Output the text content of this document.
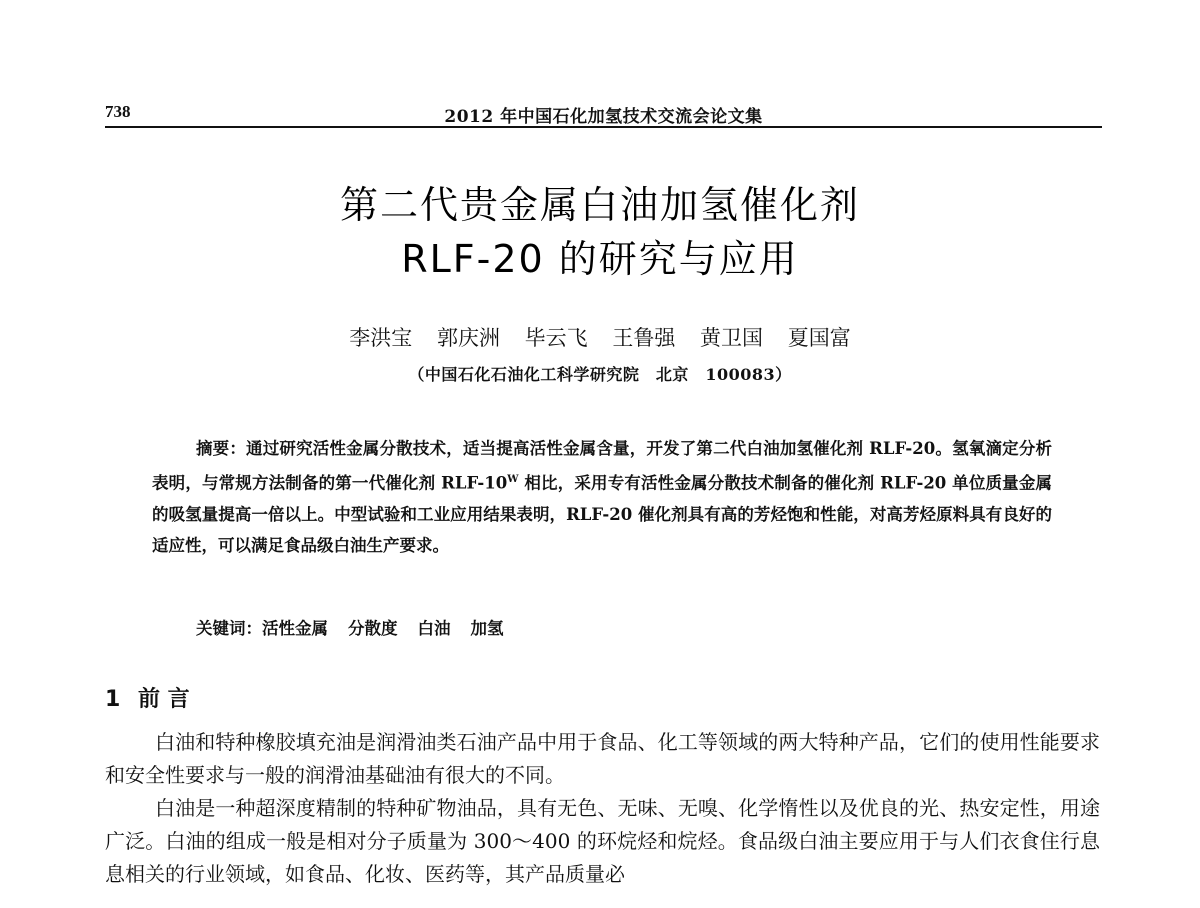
738	2012 年中国石化加氢技术交流会论文集
第二代贵金属白油加氢催化剂
RLF-20 的研究与应用
李洪宝 郭庆洲 毕云飞 王鲁强 黄卫国 夏国富
（中国石化石油化工科学研究院　北京　100083）
摘要：通过研究活性金属分散技术，适当提高活性金属含量，开发了第二代白油加氢催化剂 RLF-20。氢氧滴定分析表明，与常规方法制备的第一代催化剂 RLF-$10^W$ 相比，采用专有活性金属分散技术制备的催化剂 RLF-20 单位质量金属的吸氢量提高一倍以上。中型试验和工业应用结果表明，RLF-20 催化剂具有高的芳烃饱和性能，对高芳烃原料具有良好的适应性，可以满足食品级白油生产要求。
关键词：活性金属 分散度 白油 加氢
1 前 言

白油和特种橡胶填充油是润滑油类石油产品中用于食品、化工等领域的两大特种产品，它们的使用性能要求和安全性要求与一般的润滑油基础油有很大的不同。

白油是一种超深度精制的特种矿物油品，具有无色、无味、无嗅、化学惰性以及优良的光、热安定性，用途广泛。白油的组成一般是相对分子质量为 300～400 的环烷烃和烷烃。食品级白油主要应用于与人们衣食住行息息相关的行业领域，如食品、化妆、医药等，其产品质量必
